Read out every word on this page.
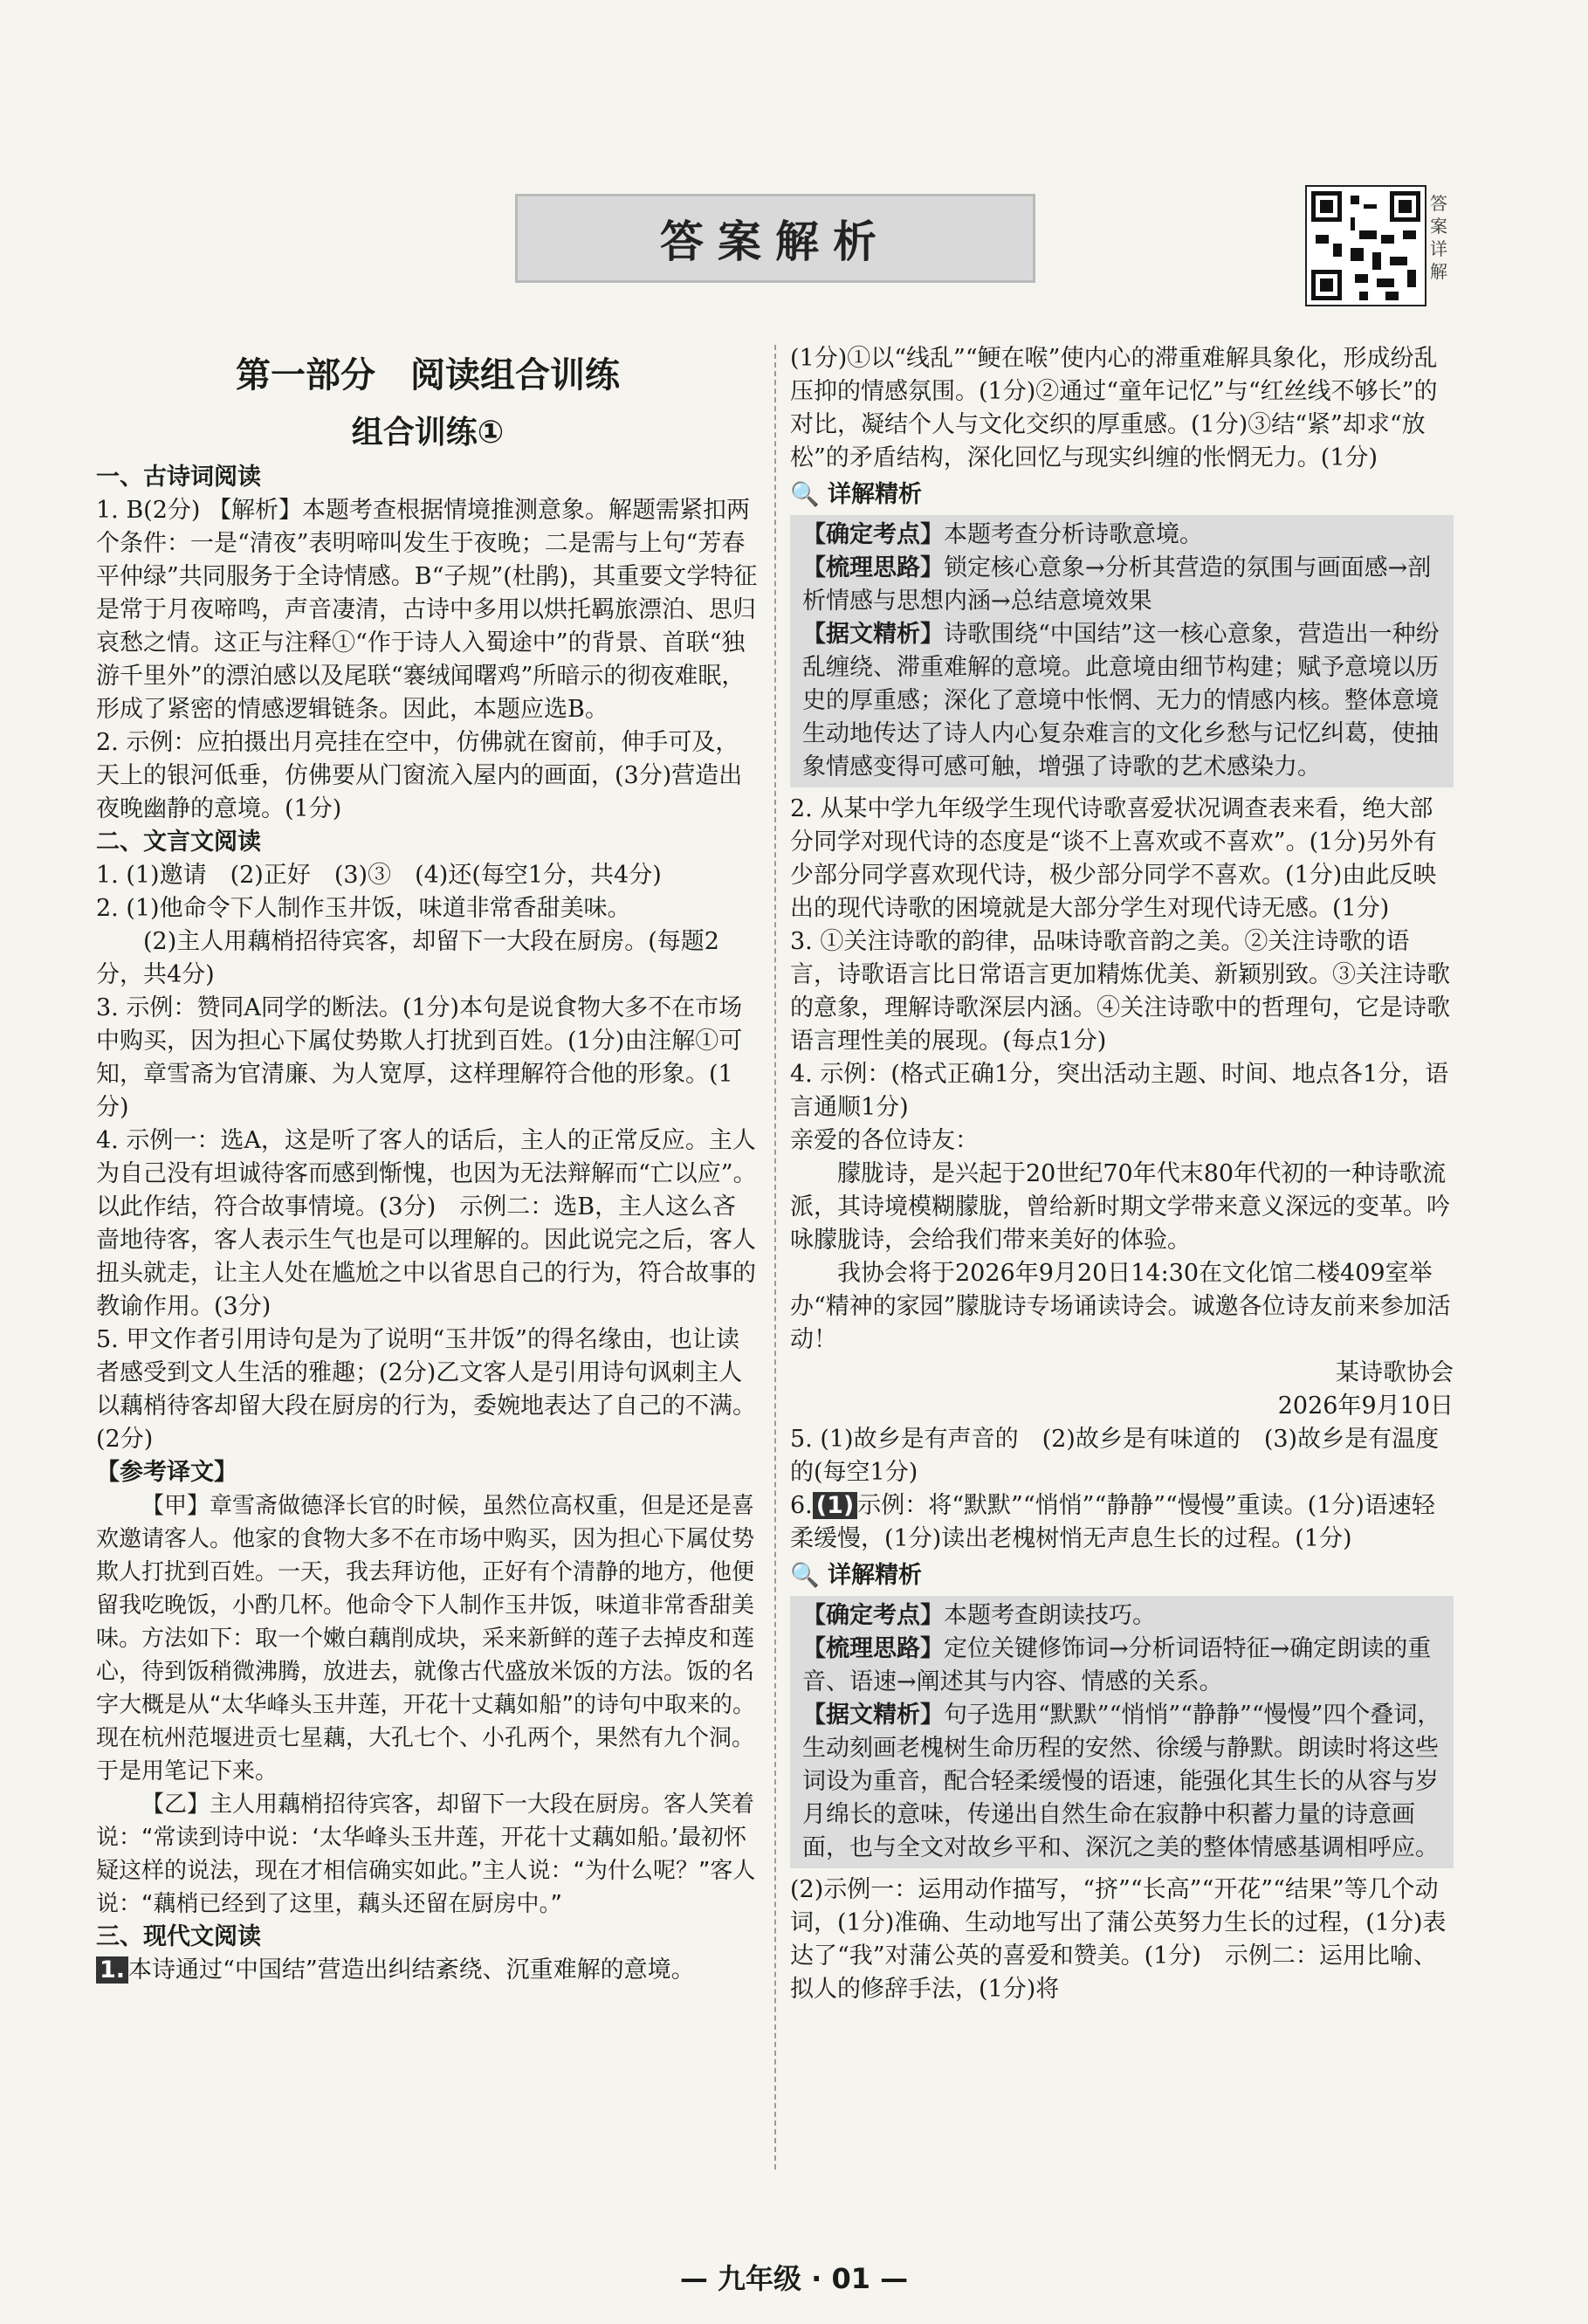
答案解析
答案详解
第一部分　阅读组合训练
组合训练①
一、古诗词阅读

1. B(2分) 【解析】本题考查根据情境推测意象。解题需紧扣两个条件：一是“清夜”表明啼叫发生于夜晚；二是需与上句“芳春平仲绿”共同服务于全诗情感。B“子规”(杜鹃)，其重要文学特征是常于月夜啼鸣，声音凄清，古诗中多用以烘托羁旅漂泊、思归哀愁之情。这正与注释①“作于诗人入蜀途中”的背景、首联“独游千里外”的漂泊感以及尾联“褰绒闻曙鸡”所暗示的彻夜难眠，形成了紧密的情感逻辑链条。因此，本题应选B。

2. 示例：应拍摄出月亮挂在空中，仿佛就在窗前，伸手可及，天上的银河低垂，仿佛要从门窗流入屋内的画面，(3分)营造出夜晚幽静的意境。(1分)

二、文言文阅读

1. (1)邀请　(2)正好　(3)③　(4)还(每空1分，共4分)

2. (1)他命令下人制作玉井饭，味道非常香甜美味。

(2)主人用藕梢招待宾客，却留下一大段在厨房。(每题2分，共4分)

3. 示例：赞同A同学的断法。(1分)本句是说食物大多不在市场中购买，因为担心下属仗势欺人打扰到百姓。(1分)由注解①可知，章雪斋为官清廉、为人宽厚，这样理解符合他的形象。(1分)

4. 示例一：选A，这是听了客人的话后，主人的正常反应。主人为自己没有坦诚待客而感到惭愧，也因为无法辩解而“亡以应”。以此作结，符合故事情境。(3分)　示例二：选B，主人这么吝啬地待客，客人表示生气也是可以理解的。因此说完之后，客人扭头就走，让主人处在尴尬之中以省思自己的行为，符合故事的教谕作用。(3分)

5. 甲文作者引用诗句是为了说明“玉井饭”的得名缘由，也让读者感受到文人生活的雅趣；(2分)乙文客人是引用诗句讽刺主人以藕梢待客却留大段在厨房的行为，委婉地表达了自己的不满。(2分)

【参考译文】

【甲】章雪斋做德泽长官的时候，虽然位高权重，但是还是喜欢邀请客人。他家的食物大多不在市场中购买，因为担心下属仗势欺人打扰到百姓。一天，我去拜访他，正好有个清静的地方，他便留我吃晚饭，小酌几杯。他命令下人制作玉井饭，味道非常香甜美味。方法如下：取一个嫩白藕削成块，采来新鲜的莲子去掉皮和莲心，待到饭稍微沸腾，放进去，就像古代盛放米饭的方法。饭的名字大概是从“太华峰头玉井莲，开花十丈藕如船”的诗句中取来的。现在杭州范堰进贡七星藕，大孔七个、小孔两个，果然有九个洞。于是用笔记下来。

【乙】主人用藕梢招待宾客，却留下一大段在厨房。客人笑着说：“常读到诗中说：‘太华峰头玉井莲，开花十丈藕如船。’最初怀疑这样的说法，现在才相信确实如此。”主人说：“为什么呢？”客人说：“藕梢已经到了这里，藕头还留在厨房中。”

三、现代文阅读

1. 本诗通过“中国结”营造出纠结紊绕、沉重难解的意境。

(1分)①以“线乱”“鲠在喉”使内心的滞重难解具象化，形成纷乱压抑的情感氛围。(1分)②通过“童年记忆”与“红丝线不够长”的对比，凝结个人与文化交织的厚重感。(1分)③结“紧”却求“放松”的矛盾结构，深化回忆与现实纠缠的怅惘无力。(1分)

🔍 详解精析

【确定考点】本题考查分析诗歌意境。

【梳理思路】锁定核心意象→分析其营造的氛围与画面感→剖析情感与思想内涵→总结意境效果

【据文精析】诗歌围绕“中国结”这一核心意象，营造出一种纷乱缠绕、滞重难解的意境。此意境由细节构建；赋予意境以历史的厚重感；深化了意境中怅惘、无力的情感内核。整体意境生动地传达了诗人内心复杂难言的文化乡愁与记忆纠葛，使抽象情感变得可感可触，增强了诗歌的艺术感染力。

2. 从某中学九年级学生现代诗歌喜爱状况调查表来看，绝大部分同学对现代诗的态度是“谈不上喜欢或不喜欢”。(1分)另外有少部分同学喜欢现代诗，极少部分同学不喜欢。(1分)由此反映出的现代诗歌的困境就是大部分学生对现代诗无感。(1分)

3. ①关注诗歌的韵律，品味诗歌音韵之美。②关注诗歌的语言，诗歌语言比日常语言更加精炼优美、新颖别致。③关注诗歌的意象，理解诗歌深层内涵。④关注诗歌中的哲理句，它是诗歌语言理性美的展现。(每点1分)

4. 示例：(格式正确1分，突出活动主题、时间、地点各1分，语言通顺1分)

亲爱的各位诗友：

朦胧诗，是兴起于20世纪70年代末80年代初的一种诗歌流派，其诗境模糊朦胧，曾给新时期文学带来意义深远的变革。吟咏朦胧诗，会给我们带来美好的体验。

我协会将于2026年9月20日14:30在文化馆二楼409室举办“精神的家园”朦胧诗专场诵读诗会。诚邀各位诗友前来参加活动！

某诗歌协会

2026年9月10日

5. (1)故乡是有声音的　(2)故乡是有味道的　(3)故乡是有温度的(每空1分)

6. (1) 示例：将“默默”“悄悄”“静静”“慢慢”重读。(1分)语速轻柔缓慢，(1分)读出老槐树悄无声息生长的过程。(1分)

🔍 详解精析

【确定考点】本题考查朗读技巧。

【梳理思路】定位关键修饰词→分析词语特征→确定朗读的重音、语速→阐述其与内容、情感的关系。

【据文精析】句子选用“默默”“悄悄”“静静”“慢慢”四个叠词，生动刻画老槐树生命历程的安然、徐缓与静默。朗读时将这些词设为重音，配合轻柔缓慢的语速，能强化其生长的从容与岁月绵长的意味，传递出自然生命在寂静中积蓄力量的诗意画面，也与全文对故乡平和、深沉之美的整体情感基调相呼应。

(2)示例一：运用动作描写，“挤”“长高”“开花”“结果”等几个动词，(1分)准确、生动地写出了蒲公英努力生长的过程，(1分)表达了“我”对蒲公英的喜爱和赞美。(1分)　示例二：运用比喻、拟人的修辞手法，(1分)将

— 九年级 · 01 —
